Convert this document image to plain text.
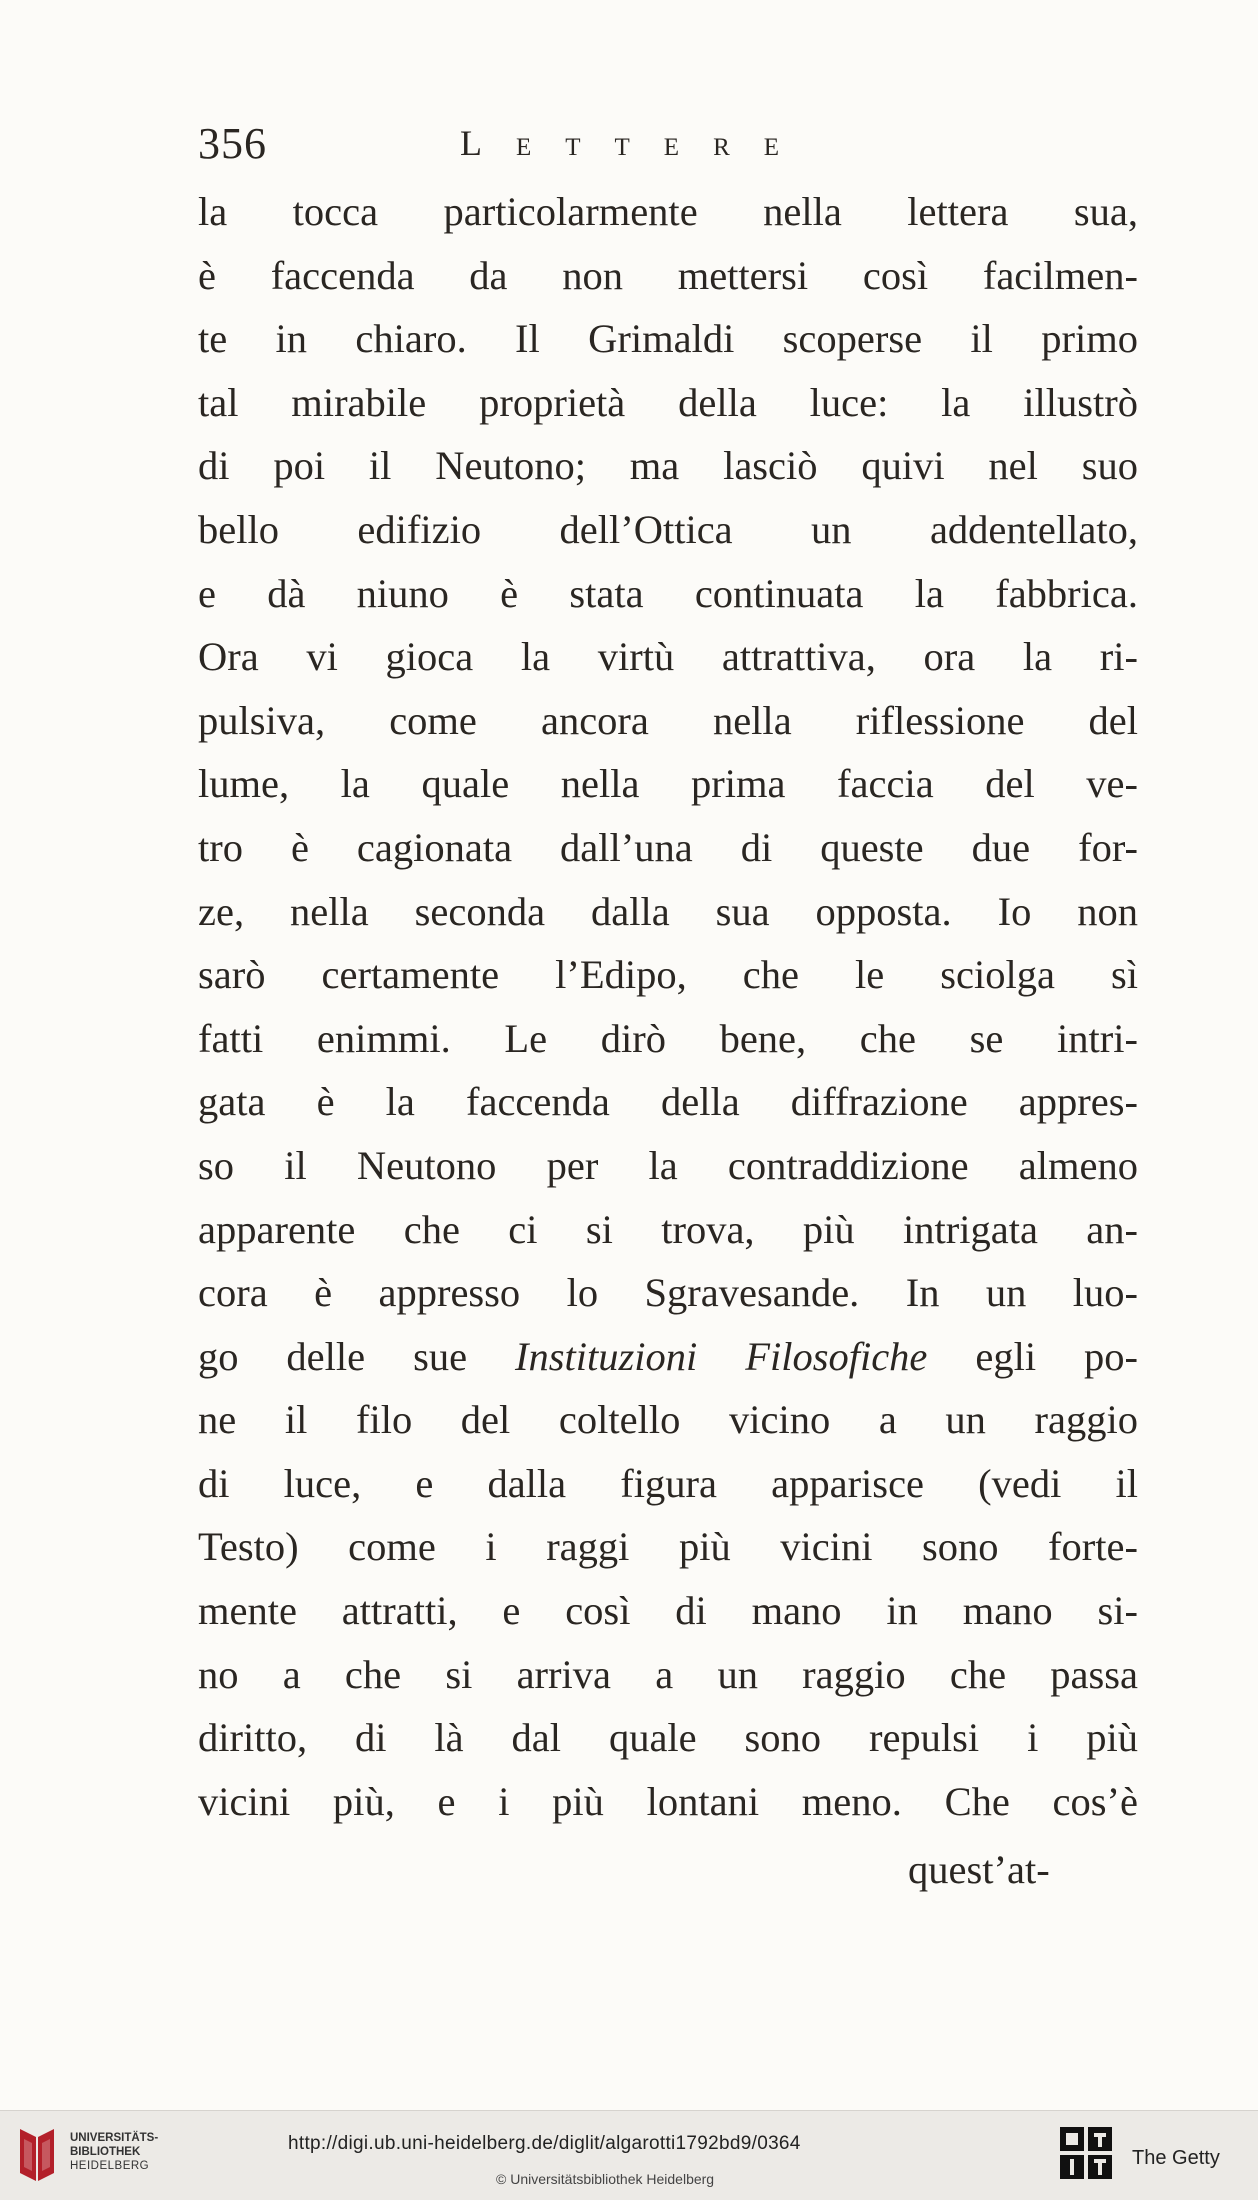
356	Lettere
la tocca particolarmente nella lettera sua,
è faccenda da non mettersi così facilmen-
te in chiaro. Il Grimaldi scoperse il primo
tal mirabile proprietà della luce: la illustrò
di poi il Neutono; ma lasciò quivi nel suo
bello edifizio dell’Ottica un addentellato,
e dà niuno è stata continuata la fabbrica.
Ora vi gioca la virtù attrattiva, ora la ri-
pulsiva, come ancora nella riflessione del
lume, la quale nella prima faccia del ve-
tro è cagionata dall’una di queste due for-
ze, nella seconda dalla sua opposta. Io non
sarò certamente l’Edipo, che le sciolga sì
fatti enimmi. Le dirò bene, che se intri-
gata è la faccenda della diffrazione appres-
so il Neutono per la contraddizione almeno
apparente che ci si trova, più intrigata an-
cora è appresso lo Sgravesande. In un luo-
go delle sue Instituzioni Filosofiche egli po-
ne il filo del coltello vicino a un raggio
di luce, e dalla figura apparisce (vedi il
Testo) come i raggi più vicini sono forte-
mente attratti, e così di mano in mano si-
no a che si arriva a un raggio che passa
diritto, di là dal quale sono repulsi i più
vicini più, e i più lontani meno. Che cos’è
quest’at-
UNIVERSITÄTS-
BIBLIOTHEK
HEIDELBERG
http://digi.ub.uni-heidelberg.de/diglit/algarotti1792bd9/0364
© Universitätsbibliothek Heidelberg
The Getty
